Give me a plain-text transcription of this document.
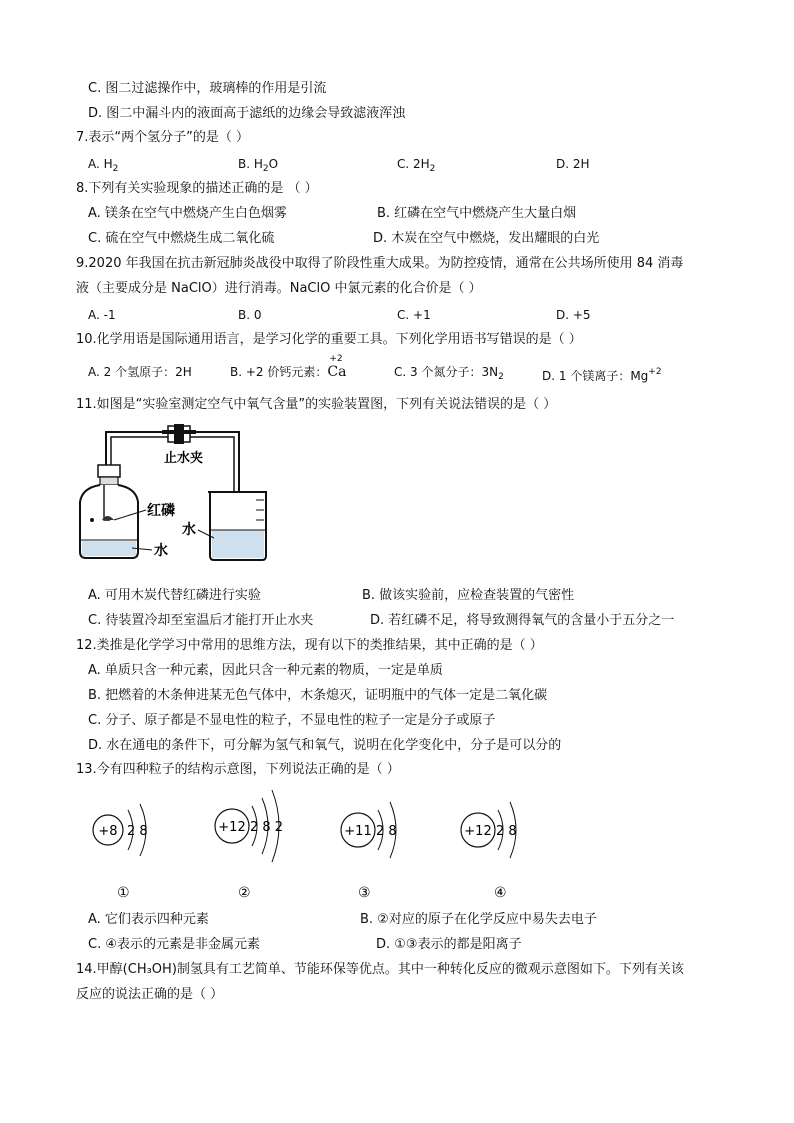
C. 图二过滤操作中，玻璃棒的作用是引流
D. 图二中漏斗内的液面高于滤纸的边缘会导致滤液浑浊
7.表示“两个氢分子”的是（ ）
A. $H_2$	B. $H_2O$	C. $2H_2$	D. 2H
8.下列有关实验现象的描述正确的是 （ ）
A. 镁条在空气中燃烧产生白色烟雾	B. 红磷在空气中燃烧产生大量白烟
C. 硫在空气中燃烧生成二氧化硫	D. 木炭在空气中燃烧，发出耀眼的白光
9.2020 年我国在抗击新冠肺炎战役中取得了阶段性重大成果。为防控疫情，通常在公共场所使用 84 消毒
液（主要成分是 NaClO）进行消毒。NaClO 中氯元素的化合价是（ ）
A. -1	B. 0	C. +1	D. +5
10.化学用语是国际通用语言，是学习化学的重要工具。下列化学用语书写错误的是（ ）
A. 2 个氢原子：2H	B. +2 价钙元素：
+2
Ca	C. 3 个氮分子：$3N_2$	D. 1 个镁离子：$Mg^{+2}$
11.如图是“实验室测定空气中氧气含量”的实验装置图，下列有关说法错误的是（ ）
止水夹
红磷
水
水
A. 可用木炭代替红磷进行实验	B. 做该实验前，应检查装置的气密性
C. 待装置冷却至室温后才能打开止水夹	D. 若红磷不足，将导致测得氧气的含量小于五分之一
12.类推是化学学习中常用的思维方法，现有以下的类推结果，其中正确的是（ ）
A. 单质只含一种元素，因此只含一种元素的物质，一定是单质
B. 把燃着的木条伸进某无色气体中，木条熄灭，证明瓶中的气体一定是二氧化碳
C. 分子、原子都是不显电性的粒子，不显电性的粒子一定是分子或原子
D. 水在通电的条件下，可分解为氢气和氧气，说明在化学变化中，分子是可以分的
13.今有四种粒子的结构示意图，下列说法正确的是（ ）
+8 2 8
①
+12 2 8 2
②
+11 2 8
③
+12 2 8
④
A. 它们表示四种元素	B. ②对应的原子在化学反应中易失去电子
C. ④表示的元素是非金属元素	D. ①③表示的都是阳离子
14.甲醇(CH₃OH)制氢具有工艺简单、节能环保等优点。其中一种转化反应的微观示意图如下。下列有关该
反应的说法正确的是（ ）
